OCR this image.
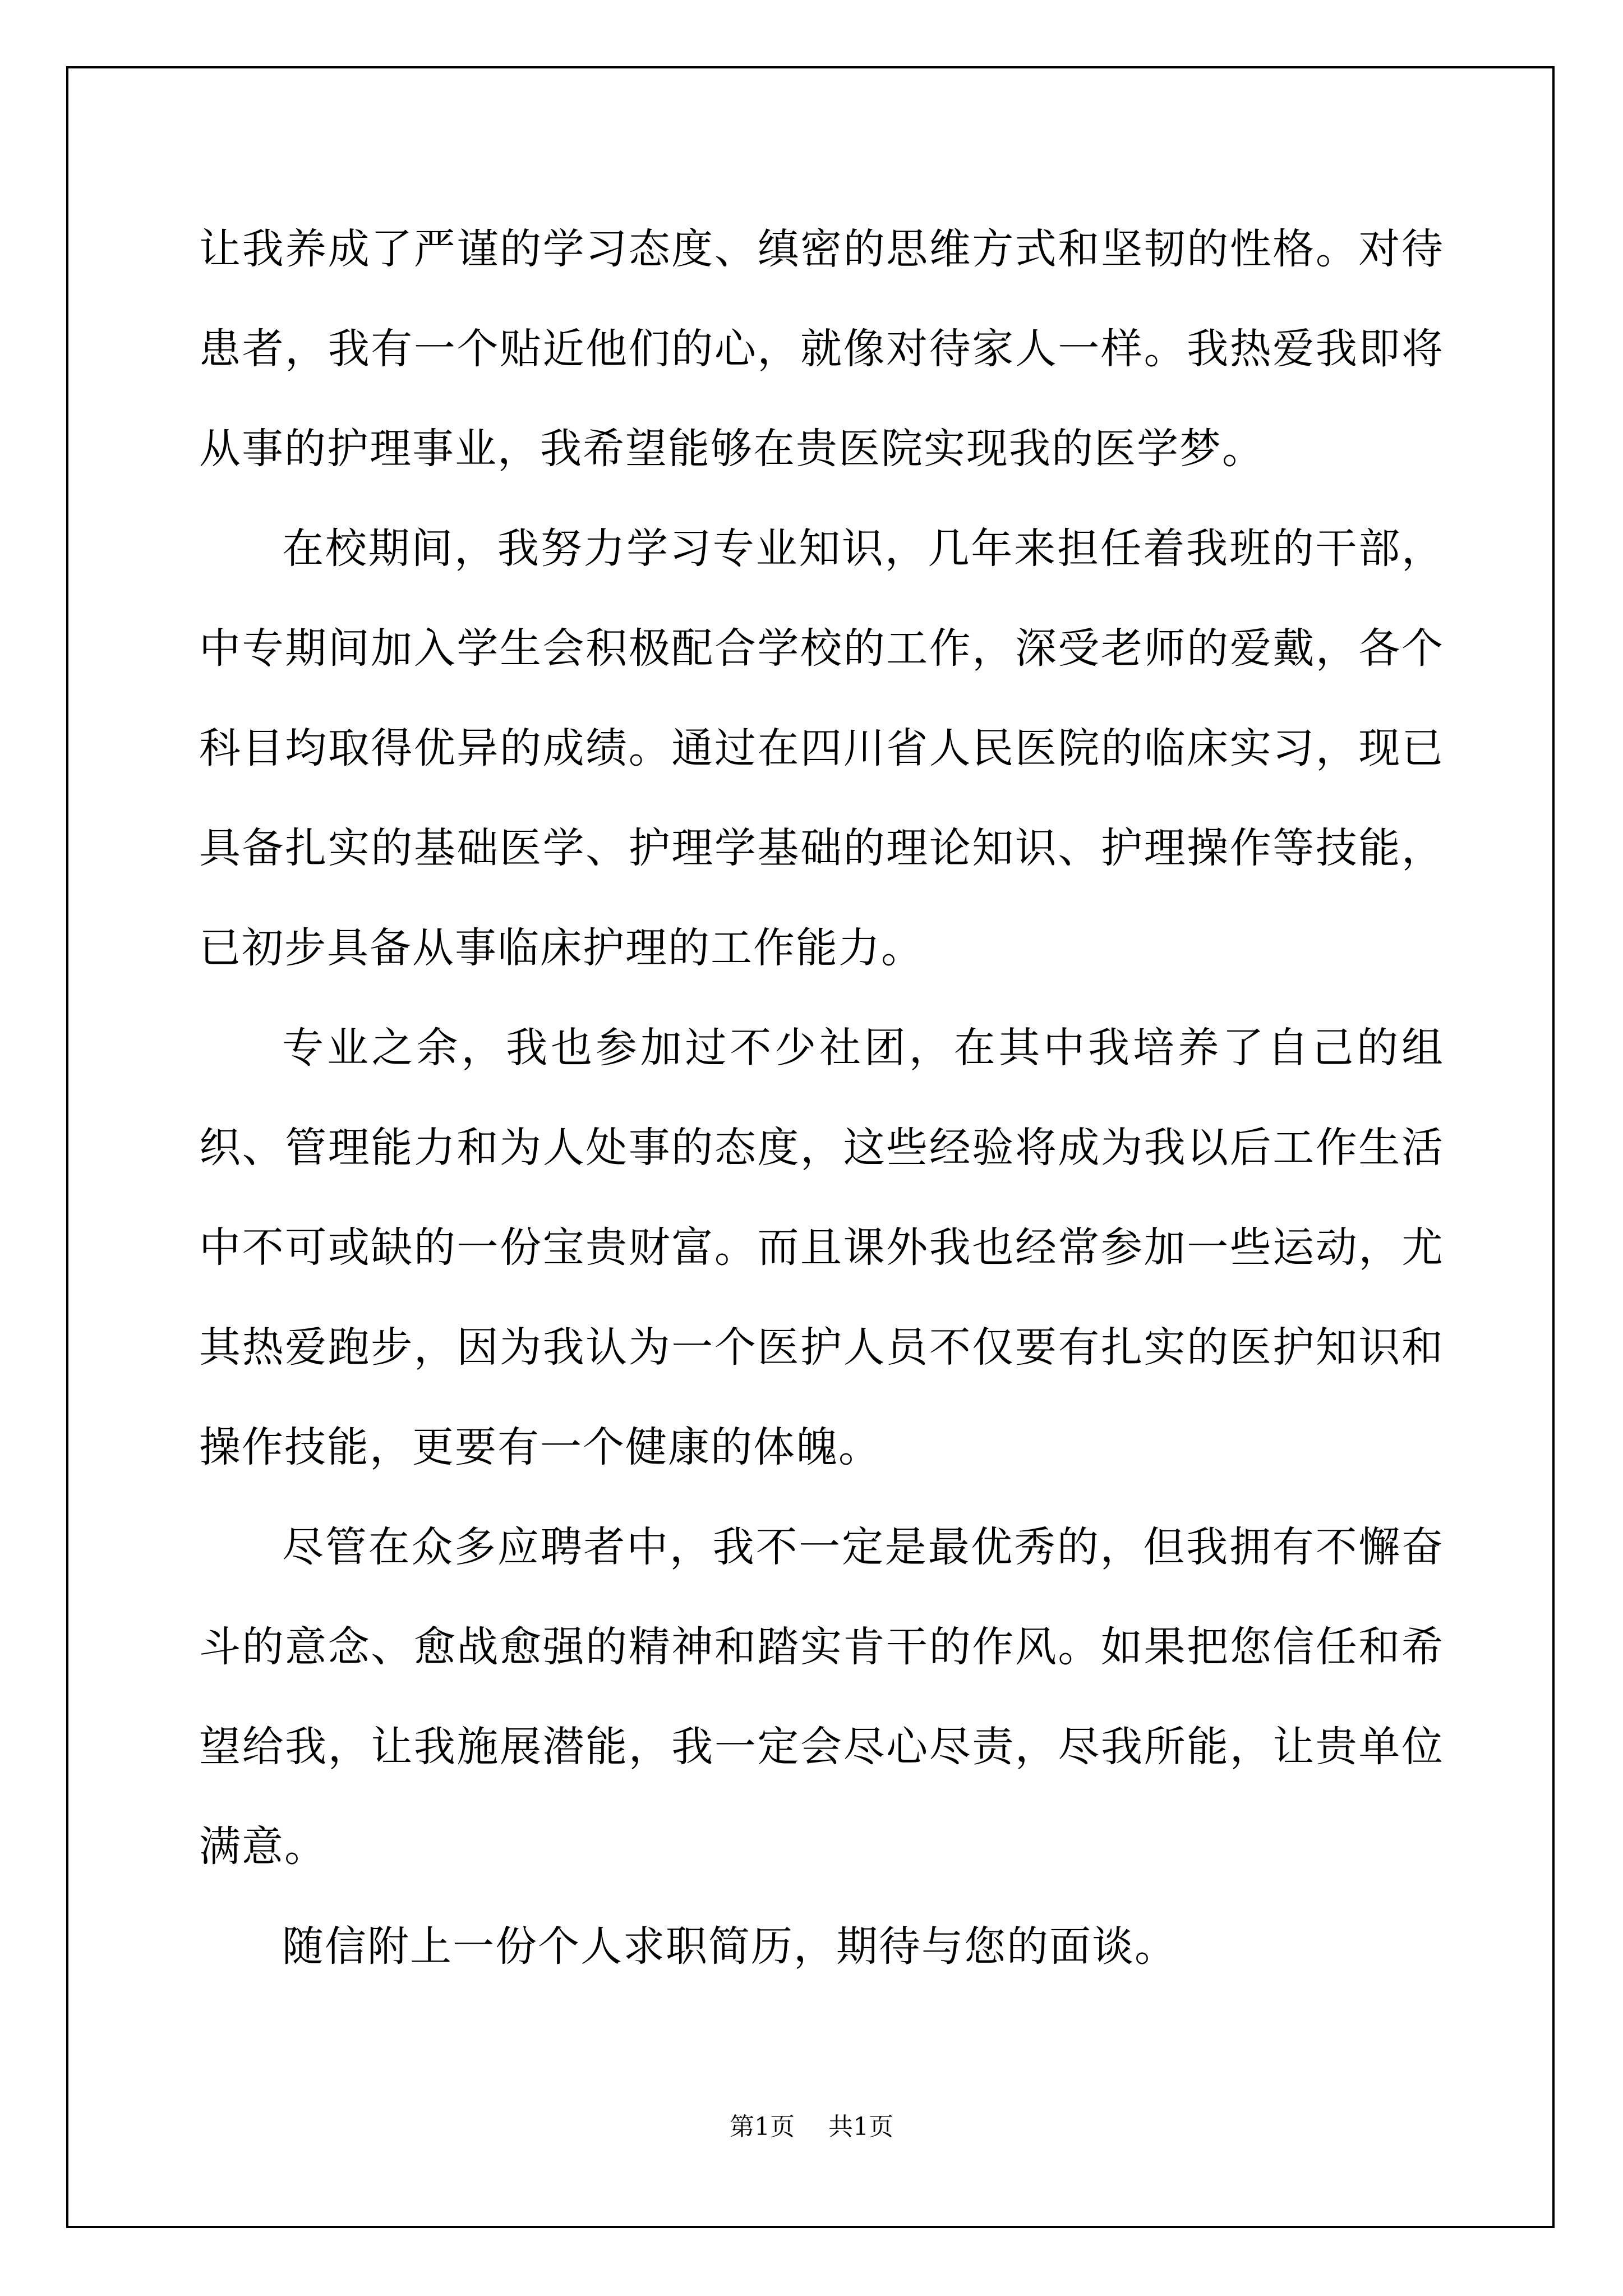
让我养成了严谨的学习态度、缜密的思维方式和坚韧的性格。对待患者，我有一个贴近他们的心，就像对待家人一样。我热爱我即将从事的护理事业，我希望能够在贵医院实现我的医学梦。

在校期间，我努力学习专业知识，几年来担任着我班的干部，中专期间加入学生会积极配合学校的工作，深受老师的爱戴，各个科目均取得优异的成绩。通过在四川省人民医院的临床实习，现已具备扎实的基础医学、护理学基础的理论知识、护理操作等技能，已初步具备从事临床护理的工作能力。

专业之余，我也参加过不少社团，在其中我培养了自己的组织、管理能力和为人处事的态度，这些经验将成为我以后工作生活中不可或缺的一份宝贵财富。而且课外我也经常参加一些运动，尤其热爱跑步，因为我认为一个医护人员不仅要有扎实的医护知识和操作技能，更要有一个健康的体魄。

尽管在众多应聘者中，我不一定是最优秀的，但我拥有不懈奋斗的意念、愈战愈强的精神和踏实肯干的作风。如果把您信任和希望给我，让我施展潜能，我一定会尽心尽责，尽我所能，让贵单位满意。

随信附上一份个人求职简历，期待与您的面谈。

第1页 共1页
